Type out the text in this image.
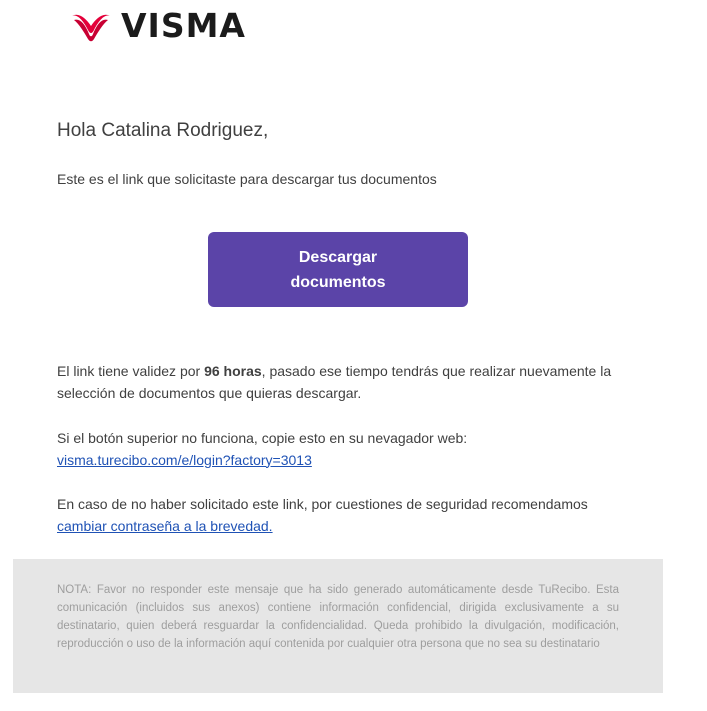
VISMA
Hola Catalina Rodriguez,
Este es el link que solicitaste para descargar tus documentos
Descargar documentos
El link tiene validez por 96 horas, pasado ese tiempo tendrás que realizar nuevamente la selección de documentos que quieras descargar.
Si el botón superior no funciona, copie esto en su nevagador web:
visma.turecibo.com/e/login?factory=3013
En caso de no haber solicitado este link, por cuestiones de seguridad recomendamos
cambiar contraseña a la brevedad.
NOTA: Favor no responder este mensaje que ha sido generado automáticamente desde TuRecibo. Esta comunicación (incluidos sus anexos) contiene información confidencial, dirigida exclusivamente a su destinatario, quien deberá resguardar la confidencialidad. Queda prohibido la divulgación, modificación, reproducción o uso de la información aquí contenida por cualquier otra persona que no sea su destinatario
